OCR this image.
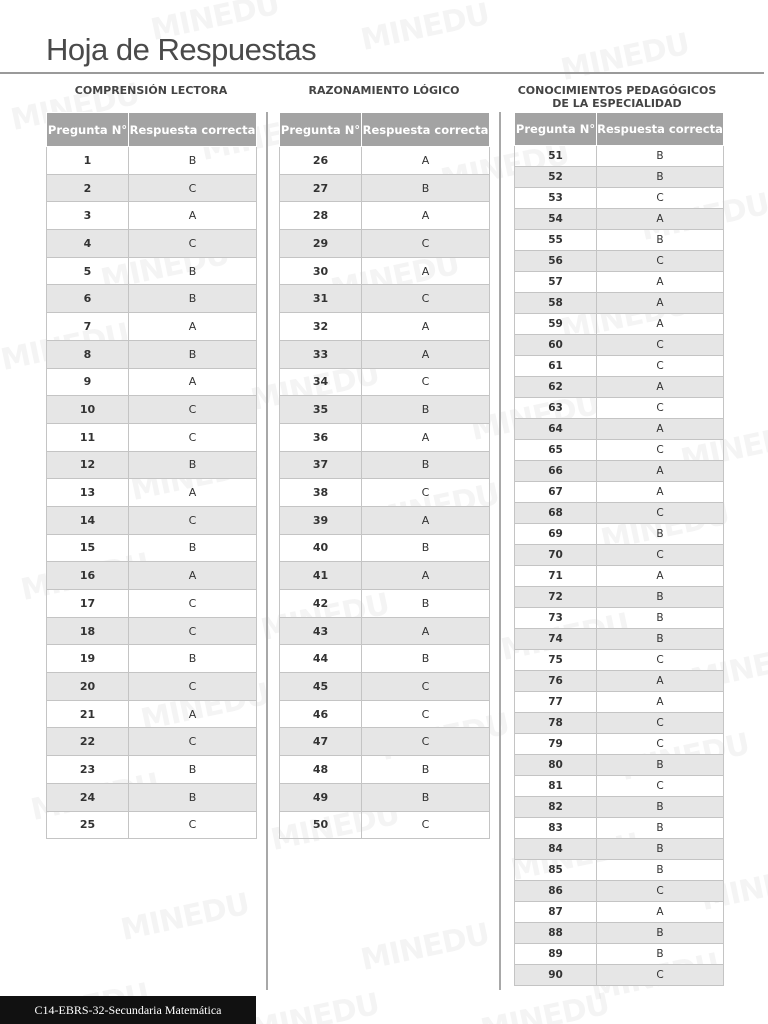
Hoja de Respuestas
COMPRENSIÓN LECTORA
Pregunta N°	Respuesta correcta
1	B
2	C
3	A
4	C
5	B
6	B
7	A
8	B
9	A
10	C
11	C
12	B
13	A
14	C
15	B
16	A
17	C
18	C
19	B
20	C
21	A
22	C
23	B
24	B
25	C
RAZONAMIENTO LÓGICO
Pregunta N°	Respuesta correcta
26	A
27	B
28	A
29	C
30	A
31	C
32	A
33	A
34	C
35	B
36	A
37	B
38	C
39	A
40	B
41	A
42	B
43	A
44	B
45	C
46	C
47	C
48	B
49	B
50	C
CONOCIMIENTOS PEDAGÓGICOS
DE LA ESPECIALIDAD
Pregunta N°	Respuesta correcta
51	B
52	B
53	C
54	A
55	B
56	C
57	A
58	A
59	A
60	C
61	C
62	A
63	C
64	A
65	C
66	A
67	A
68	C
69	B
70	C
71	A
72	B
73	B
74	B
75	C
76	A
77	A
78	C
79	C
80	B
81	C
82	B
83	B
84	B
85	B
86	C
87	A
88	B
89	B
90	C
C14-EBRS-32-Secundaria Matemática
